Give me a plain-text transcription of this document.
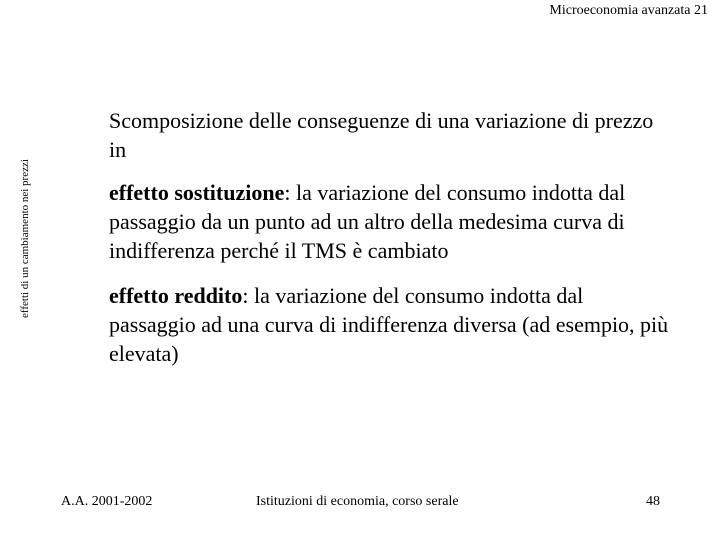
Microeconomia avanzata 21
effetti di un cambiamento nei prezzi
Scomposizione delle conseguenze di una variazione di prezzo in
effetto sostituzione: la variazione del consumo indotta dal passaggio da un punto ad un altro della medesima curva di indifferenza perché il TMS è cambiato
effetto reddito: la variazione del consumo indotta dal passaggio ad una curva di indifferenza diversa (ad esempio, più elevata)
A.A. 2001-2002	Istituzioni di economia, corso serale	48
